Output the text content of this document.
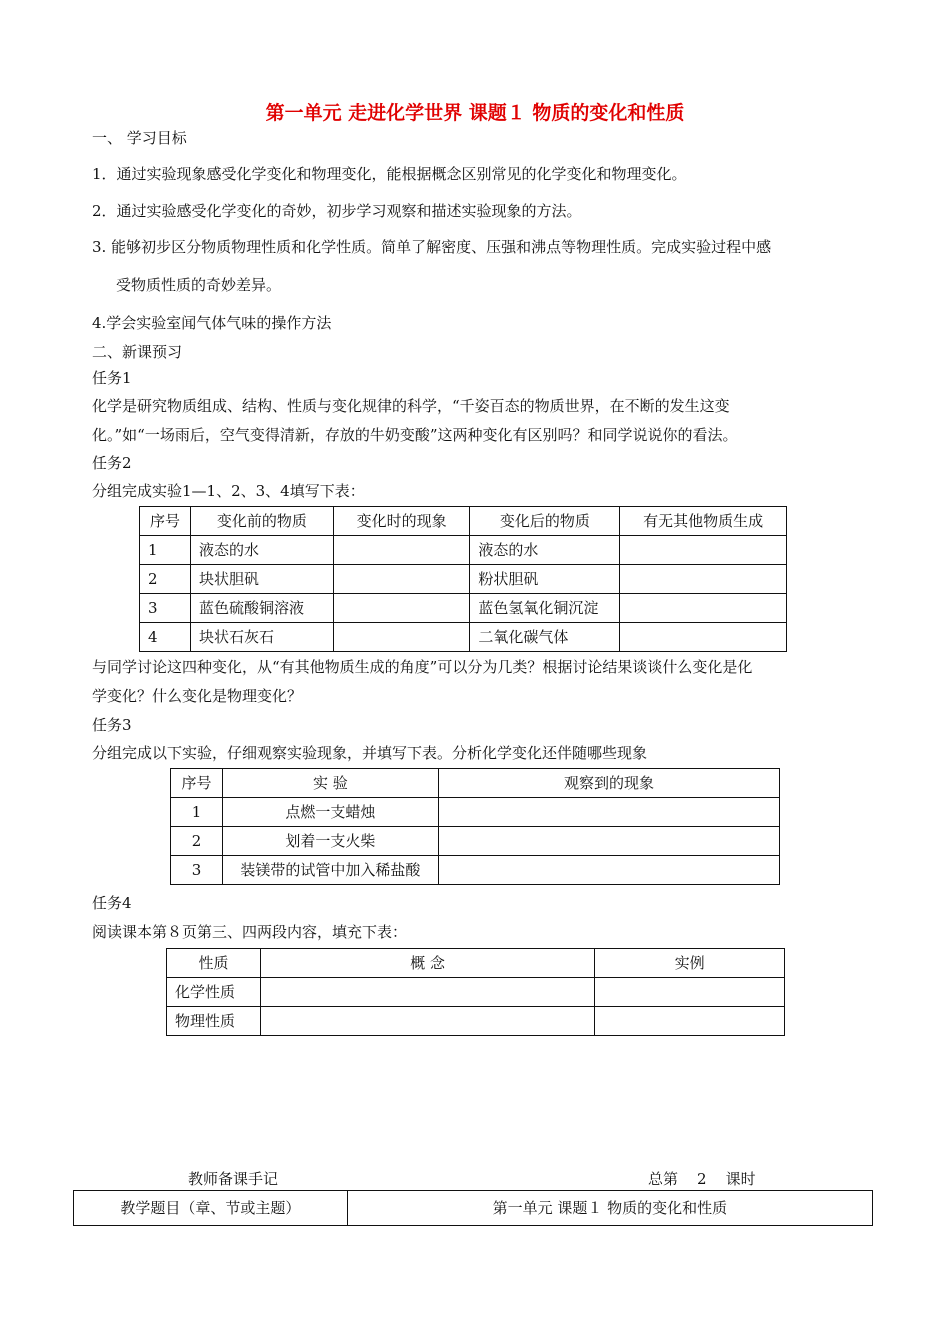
第一单元 走进化学世界 课题１ 物质的变化和性质
一、 学习目标
1．通过实验现象感受化学变化和物理变化，能根据概念区别常见的化学变化和物理变化。
2．通过实验感受化学变化的奇妙，初步学习观察和描述实验现象的方法。
3. 能够初步区分物质物理性质和化学性质。简单了解密度、压强和沸点等物理性质。完成实验过程中感
受物质性质的奇妙差异。
4.学会实验室闻气体气味的操作方法
二、新课预习
任务1
化学是研究物质组成、结构、性质与变化规律的科学，“千姿百态的物质世界，在不断的发生这变
化。”如“一场雨后，空气变得清新，存放的牛奶变酸”这两种变化有区别吗？和同学说说你的看法。
任务2
分组完成实验1—1、2、3、4填写下表：
序号	变化前的物质	变化时的现象	变化后的物质	有无其他物质生成
1	液态的水		液态的水	
2	块状胆矾		粉状胆矾	
3	蓝色硫酸铜溶液		蓝色氢氧化铜沉淀	
4	块状石灰石		二氧化碳气体	
与同学讨论这四种变化，从“有其他物质生成的角度”可以分为几类？根据讨论结果谈谈什么变化是化
学变化？什么变化是物理变化？
任务3
分组完成以下实验，仔细观察实验现象，并填写下表。分析化学变化还伴随哪些现象
序号	实 验	观察到的现象
1	点燃一支蜡烛	
2	划着一支火柴	
3	装镁带的试管中加入稀盐酸	
任务4
阅读课本第８页第三、四两段内容，填充下表：
性质	概 念	实例
化学性质		
物理性质		
教师备课手记	总第 2 课时
教学题目（章、节或主题）	第一单元 课题１ 物质的变化和性质
